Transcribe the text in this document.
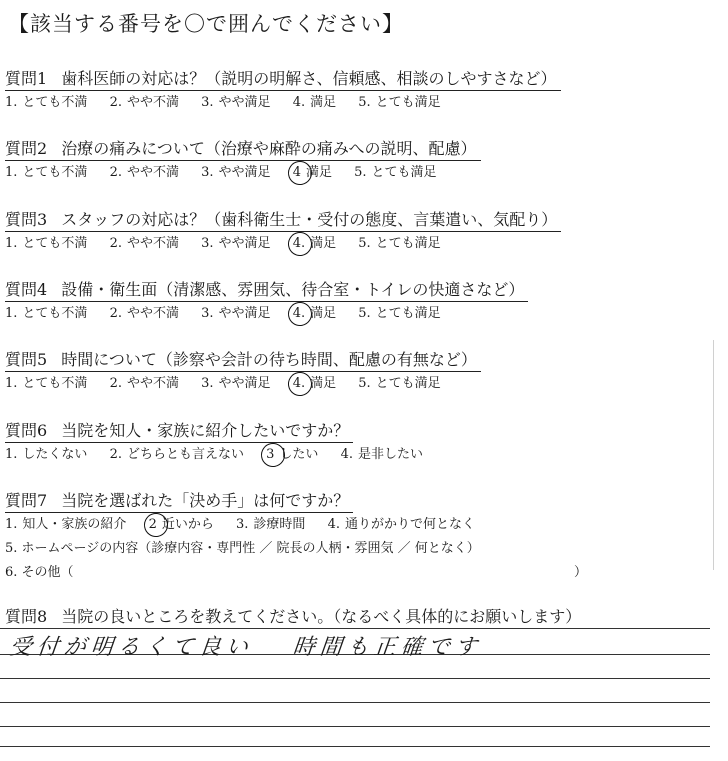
【該当する番号を〇で囲んでください】
質問1 歯科医師の対応は？（説明の明解さ、信頼感、相談のしやすさなど）
1. とても不満 2. やや不満 3. やや満足 4. 満足 5. とても満足
質問2 治療の痛みについて（治療や麻酔の痛みへの説明、配慮）
1. とても不満 2. やや不満 3. やや満足 4 満足 5. とても満足
質問3 スタッフの対応は？（歯科衛生士・受付の態度、言葉遣い、気配り）
1. とても不満 2. やや不満 3. やや満足 4. 満足 5. とても満足
質問4 設備・衛生面（清潔感、雰囲気、待合室・トイレの快適さなど）
1. とても不満 2. やや不満 3. やや満足 4. 満足 5. とても満足
質問5 時間について（診察や会計の待ち時間、配慮の有無など）
1. とても不満 2. やや不満 3. やや満足 4. 満足 5. とても満足
質問6 当院を知人・家族に紹介したいですか？
1. したくない 2. どちらとも言えない 3 したい 4. 是非したい
質問7 当院を選ばれた「決め手」は何ですか？
1. 知人・家族の紹介 2 近いから 3. 診療時間 4. 通りがかりで何となく
5. ホームページの内容（診療内容・専門性 ／ 院長の人柄・雰囲気 ／ 何となく）
6. その他（	）
質問8 当院の良いところを教えてください。（なるべく具体的にお願いします）
受付が明るくて良い 時間も正確です
